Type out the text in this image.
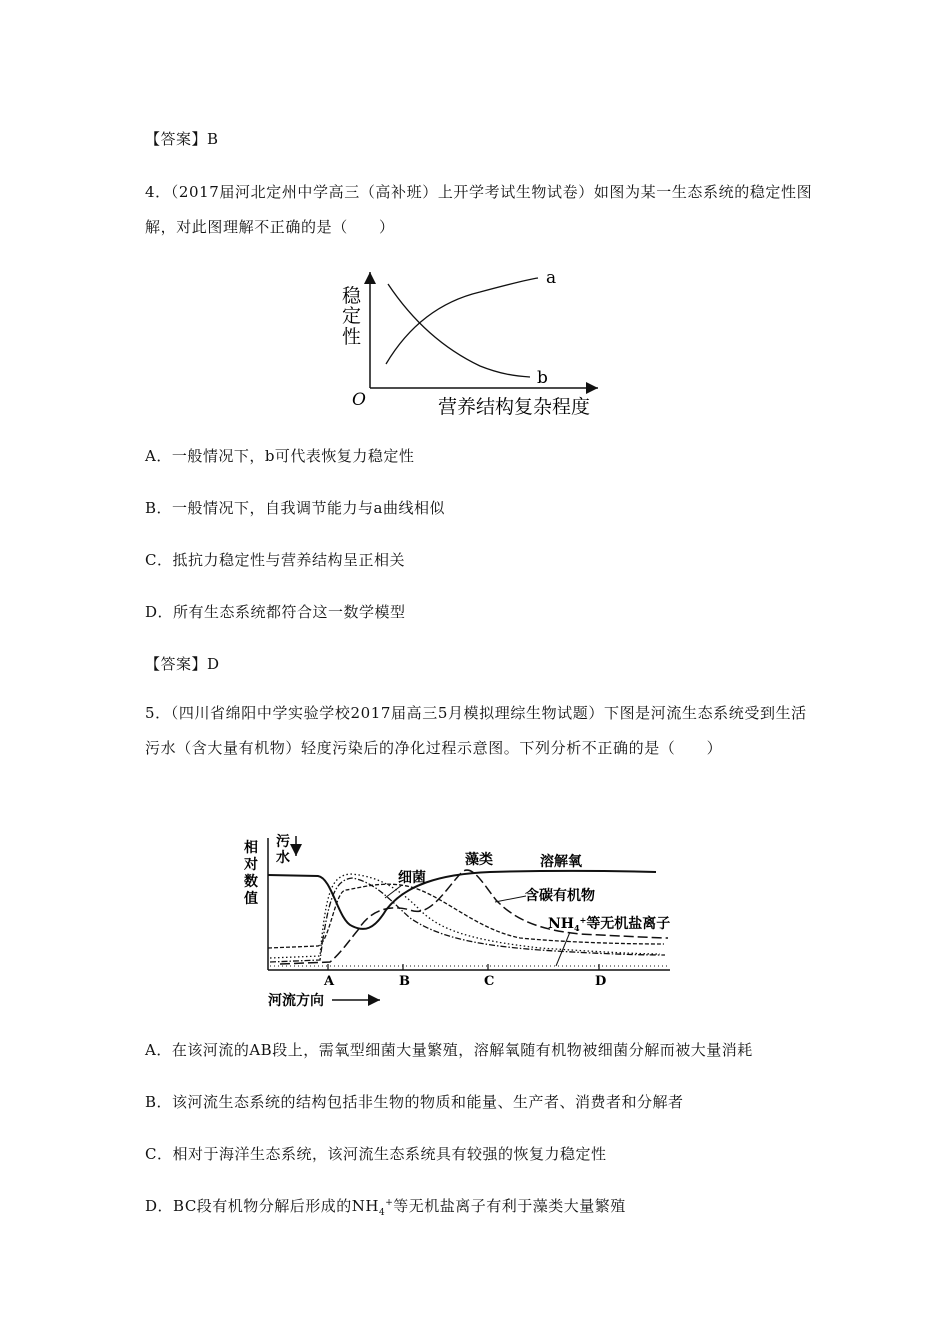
【答案】B
4．（2017届河北定州中学高三（高补班）上开学考试生物试卷）如图为某一生态系统的稳定性图解，对此图理解不正确的是（　　）
稳
定
性
O	营养结构复杂程度
a
b
A．一般情况下，b可代表恢复力稳定性
B．一般情况下，自我调节能力与a曲线相似
C．抵抗力稳定性与营养结构呈正相关
D．所有生态系统都符合这一数学模型
【答案】D
5．（四川省绵阳中学实验学校2017届高三5月模拟理综生物试题）下图是河流生态系统受到生活污水（含大量有机物）轻度污染后的净化过程示意图。下列分析不正确的是（　　）
相
对
数
值
污
水
细菌
藻类	溶解氧
含碳有机物
$NH_4^+$等无机盐离子
A	B	C	D
河流方向
A．在该河流的AB段上，需氧型细菌大量繁殖，溶解氧随有机物被细菌分解而被大量消耗
B．该河流生态系统的结构包括非生物的物质和能量、生产者、消费者和分解者
C．相对于海洋生态系统，该河流生态系统具有较强的恢复力稳定性
D．BC段有机物分解后形成的$NH_4^+$等无机盐离子有利于藻类大量繁殖
